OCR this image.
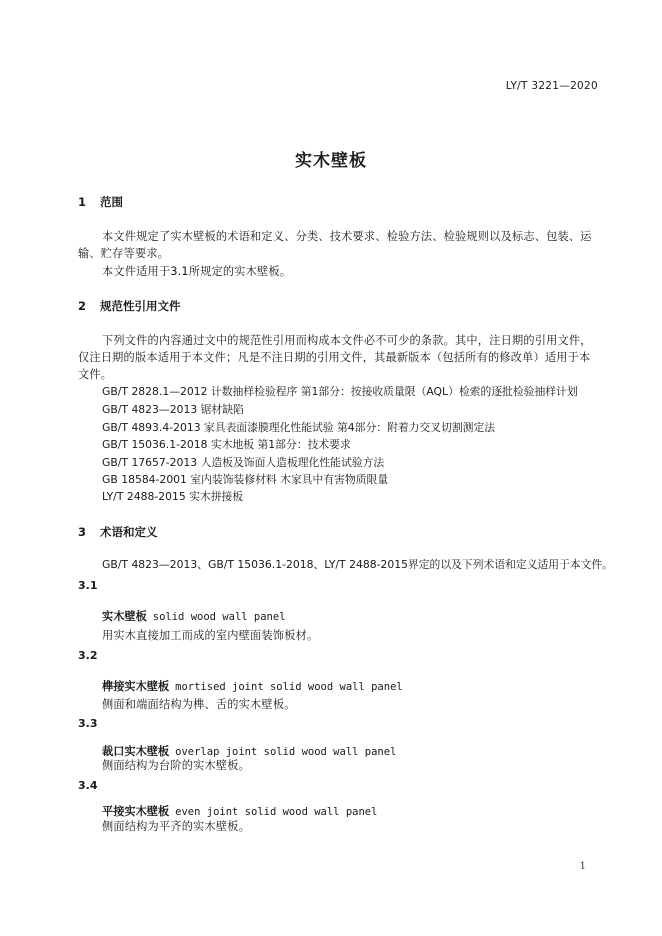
LY/T 3221—2020
实木壁板
1 范围
本文件规定了实木壁板的术语和定义、分类、技术要求、检验方法、检验规则以及标志、包装、运
输、贮存等要求。
本文件适用于3.1所规定的实木壁板。
2 规范性引用文件
下列文件的内容通过文中的规范性引用而构成本文件必不可少的条款。其中，注日期的引用文件，
仅注日期的版本适用于本文件；凡是不注日期的引用文件，其最新版本（包括所有的修改单）适用于本
文件。
GB/T 2828.1—2012 计数抽样检验程序 第1部分：按接收质量限（AQL）检索的逐批检验抽样计划
GB/T 4823—2013 锯材缺陷
GB/T 4893.4-2013 家具表面漆膜理化性能试验 第4部分：附着力交叉切割测定法
GB/T 15036.1-2018 实木地板 第1部分：技术要求
GB/T 17657-2013 人造板及饰面人造板理化性能试验方法
GB 18584-2001 室内装饰装修材料 木家具中有害物质限量
LY/T 2488-2015 实木拼接板
3 术语和定义
GB/T 4823—2013、GB/T 15036.1-2018、LY/T 2488-2015界定的以及下列术语和定义适用于本文件。
3.1
实木壁板 solid wood wall panel
用实木直接加工而成的室内壁面装饰板材。
3.2
榫接实木壁板 mortised joint solid wood wall panel
侧面和端面结构为榫、舌的实木壁板。
3.3
裁口实木壁板 overlap joint solid wood wall panel
侧面结构为台阶的实木壁板。
3.4
平接实木壁板 even joint solid wood wall panel
侧面结构为平齐的实木壁板。
1
